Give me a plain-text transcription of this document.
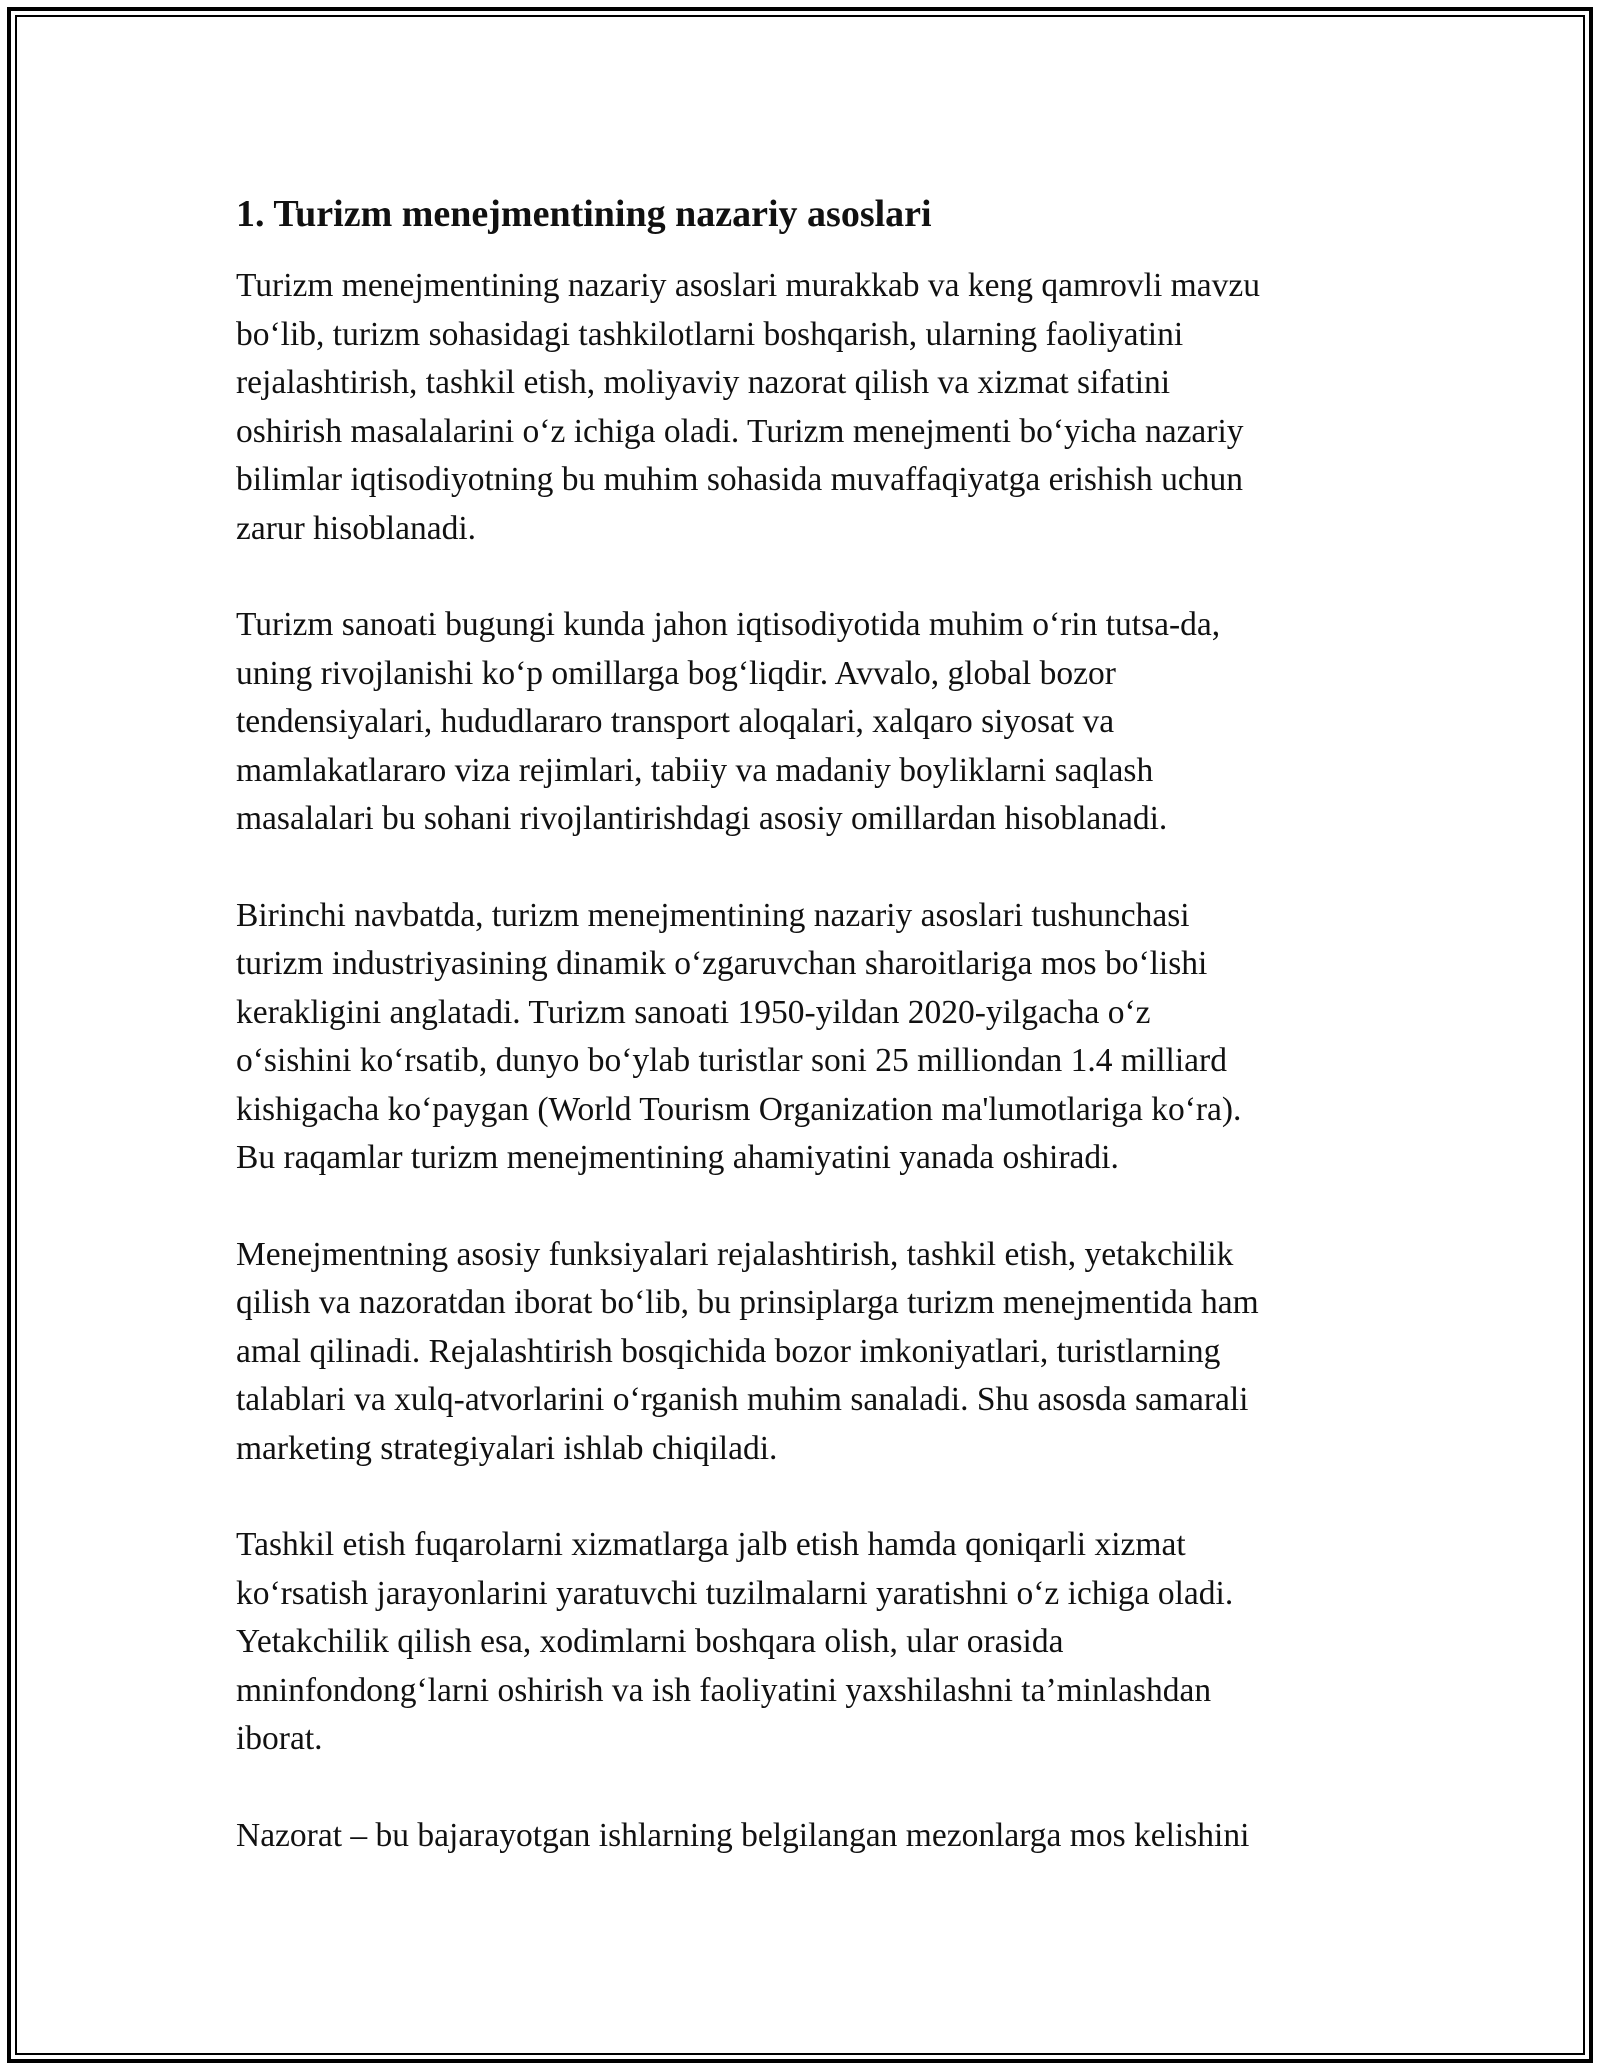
1. Turizm menejmentining nazariy asoslari

Turizm menejmentining nazariy asoslari murakkab va keng qamrovli mavzu
bo‘lib, turizm sohasidagi tashkilotlarni boshqarish, ularning faoliyatini
rejalashtirish, tashkil etish, moliyaviy nazorat qilish va xizmat sifatini
oshirish masalalarini o‘z ichiga oladi. Turizm menejmenti bo‘yicha nazariy
bilimlar iqtisodiyotning bu muhim sohasida muvaffaqiyatga erishish uchun
zarur hisoblanadi.

Turizm sanoati bugungi kunda jahon iqtisodiyotida muhim o‘rin tutsa-da,
uning rivojlanishi ko‘p omillarga bog‘liqdir. Avvalo, global bozor
tendensiyalari, hududlararo transport aloqalari, xalqaro siyosat va
mamlakatlararo viza rejimlari, tabiiy va madaniy boyliklarni saqlash
masalalari bu sohani rivojlantirishdagi asosiy omillardan hisoblanadi.

Birinchi navbatda, turizm menejmentining nazariy asoslari tushunchasi
turizm industriyasining dinamik o‘zgaruvchan sharoitlariga mos bo‘lishi
kerakligini anglatadi. Turizm sanoati 1950-yildan 2020-yilgacha o‘z
o‘sishini ko‘rsatib, dunyo bo‘ylab turistlar soni 25 milliondan 1.4 milliard
kishigacha ko‘paygan (World Tourism Organization ma'lumotlariga ko‘ra).
Bu raqamlar turizm menejmentining ahamiyatini yanada oshiradi.

Menejmentning asosiy funksiyalari rejalashtirish, tashkil etish, yetakchilik
qilish va nazoratdan iborat bo‘lib, bu prinsiplarga turizm menejmentida ham
amal qilinadi. Rejalashtirish bosqichida bozor imkoniyatlari, turistlarning
talablari va xulq-atvorlarini o‘rganish muhim sanaladi. Shu asosda samarali
marketing strategiyalari ishlab chiqiladi.

Tashkil etish fuqarolarni xizmatlarga jalb etish hamda qoniqarli xizmat
ko‘rsatish jarayonlarini yaratuvchi tuzilmalarni yaratishni o‘z ichiga oladi.
Yetakchilik qilish esa, xodimlarni boshqara olish, ular orasida
mninfondong‘larni oshirish va ish faoliyatini yaxshilashni ta’minlashdan
iborat.

Nazorat – bu bajarayotgan ishlarning belgilangan mezonlarga mos kelishini
